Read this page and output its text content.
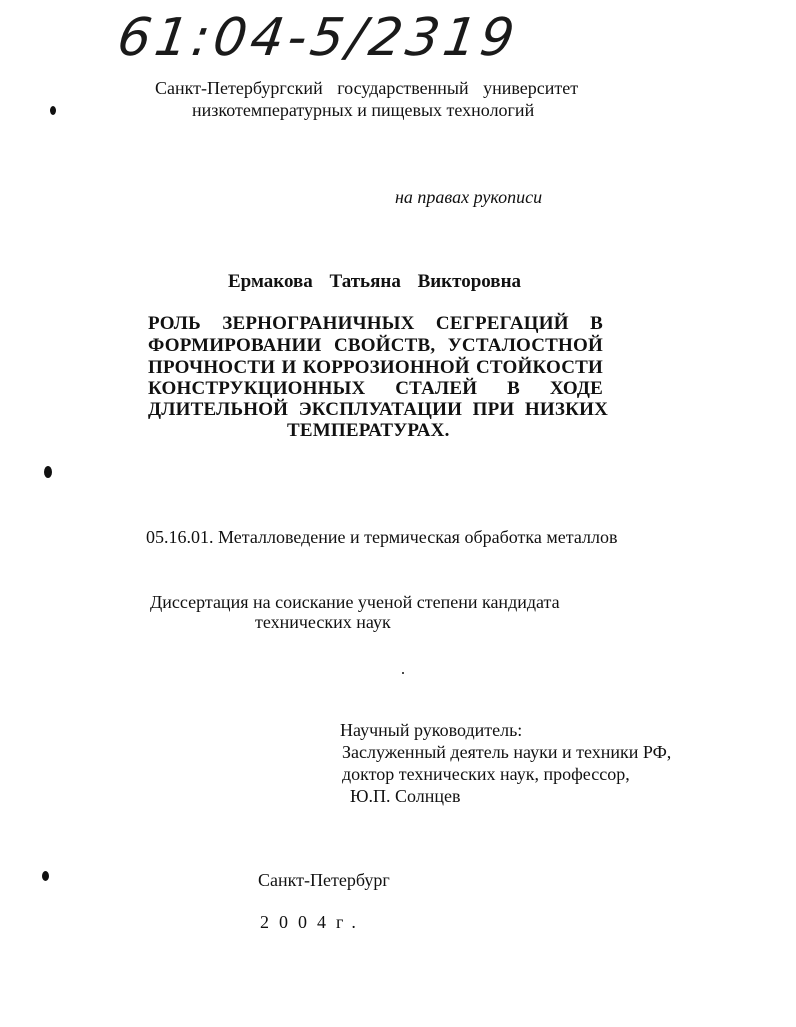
61:04-5/2319
Санкт-Петербургский государственный университет
низкотемпературных и пищевых технологий
на правах рукописи
Ермакова Татьяна Викторовна
РОЛЬ ЗЕРНОГРАНИЧНЫХ СЕГРЕГАЦИЙ В
ФОРМИРОВАНИИ СВОЙСТВ, УСТАЛОСТНОЙ
ПРОЧНОСТИ И КОРРОЗИОННОЙ СТОЙКОСТИ
КОНСТРУКЦИОННЫХ СТАЛЕЙ В ХОДЕ
ДЛИТЕЛЬНОЙ ЭКСПЛУАТАЦИИ ПРИ НИЗКИХ
ТЕМПЕРАТУРАХ.
05.16.01. Металловедение и термическая обработка металлов
Диссертация на соискание ученой степени кандидата
технических наук
Научный руководитель:
Заслуженный деятель науки и техники РФ,
доктор технических наук, профессор,
Ю.П. Солнцев
Санкт-Петербург
2004г.
